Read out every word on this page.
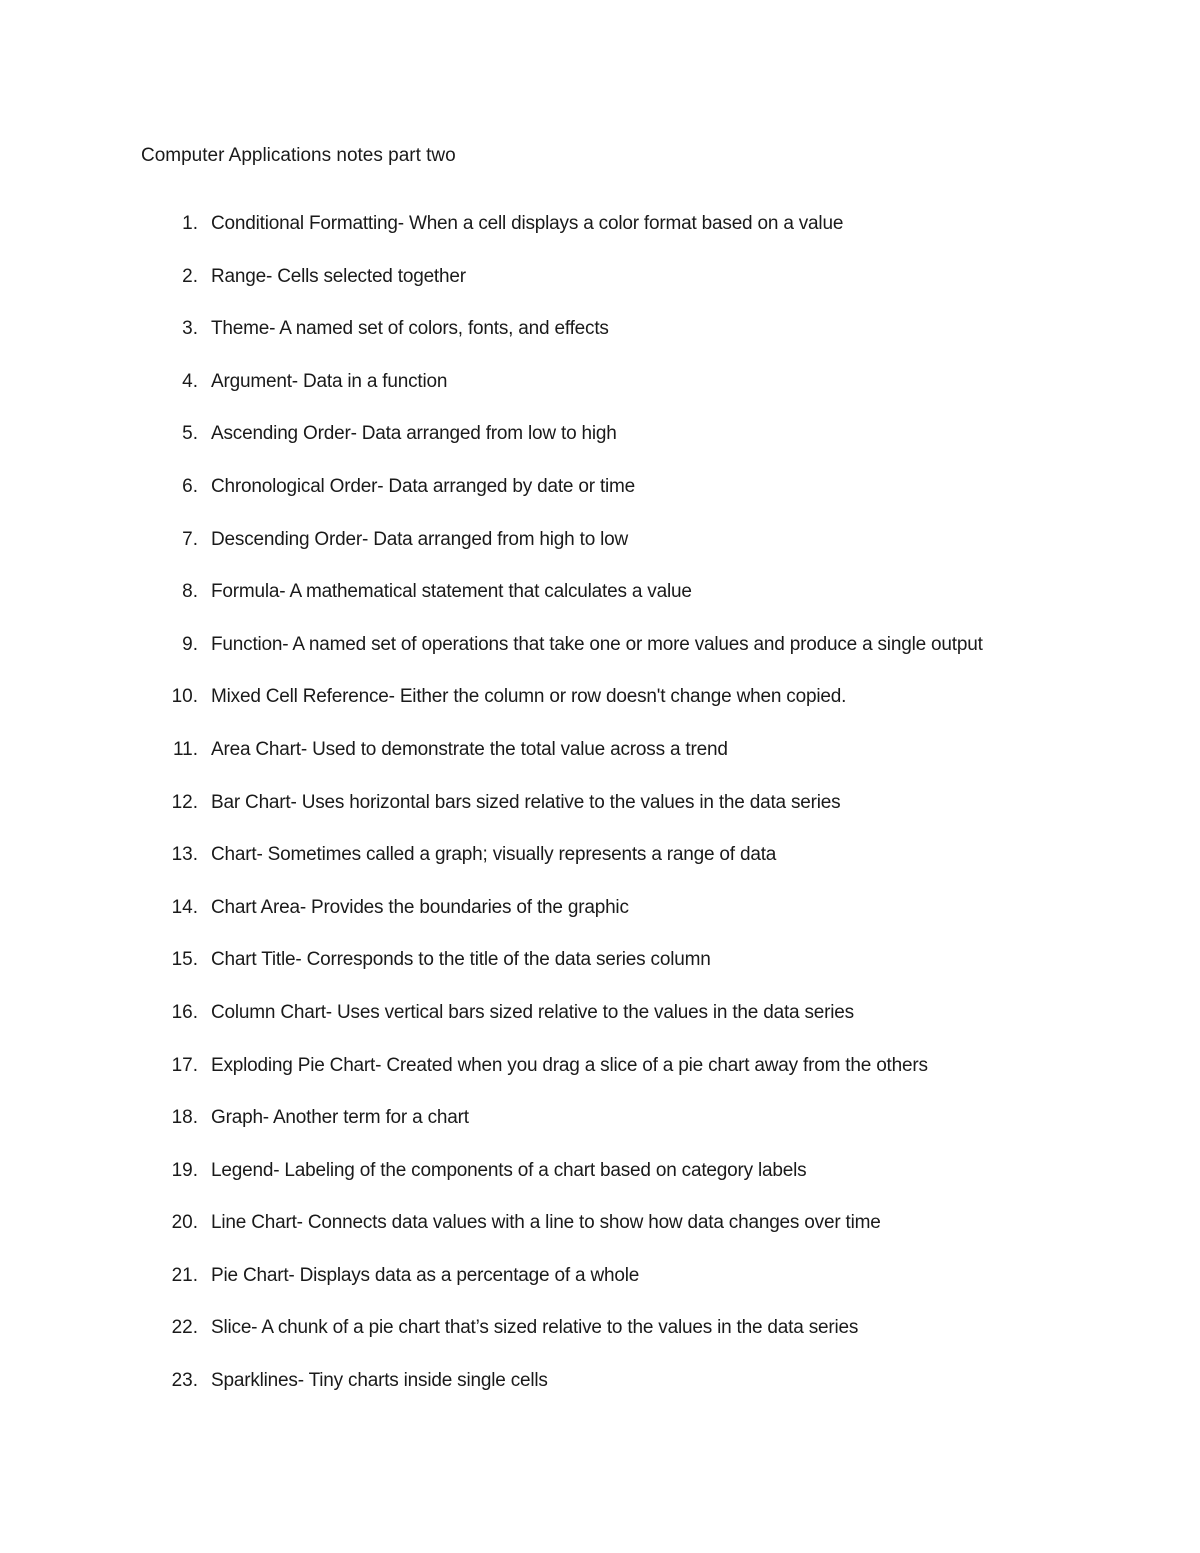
Computer Applications notes part two
1. Conditional Formatting- When a cell displays a color format based on a value
2. Range- Cells selected together
3. Theme- A named set of colors, fonts, and effects
4. Argument- Data in a function
5. Ascending Order- Data arranged from low to high
6. Chronological Order- Data arranged by date or time
7. Descending Order- Data arranged from high to low
8. Formula- A mathematical statement that calculates a value
9. Function- A named set of operations that take one or more values and produce a single output
10. Mixed Cell Reference- Either the column or row doesn't change when copied.
11. Area Chart- Used to demonstrate the total value across a trend
12. Bar Chart- Uses horizontal bars sized relative to the values in the data series
13. Chart- Sometimes called a graph; visually represents a range of data
14. Chart Area- Provides the boundaries of the graphic
15. Chart Title- Corresponds to the title of the data series column
16. Column Chart- Uses vertical bars sized relative to the values in the data series
17. Exploding Pie Chart- Created when you drag a slice of a pie chart away from the others
18. Graph- Another term for a chart
19. Legend- Labeling of the components of a chart based on category labels
20. Line Chart- Connects data values with a line to show how data changes over time
21. Pie Chart- Displays data as a percentage of a whole
22. Slice- A chunk of a pie chart that’s sized relative to the values in the data series
23. Sparklines- Tiny charts inside single cells
